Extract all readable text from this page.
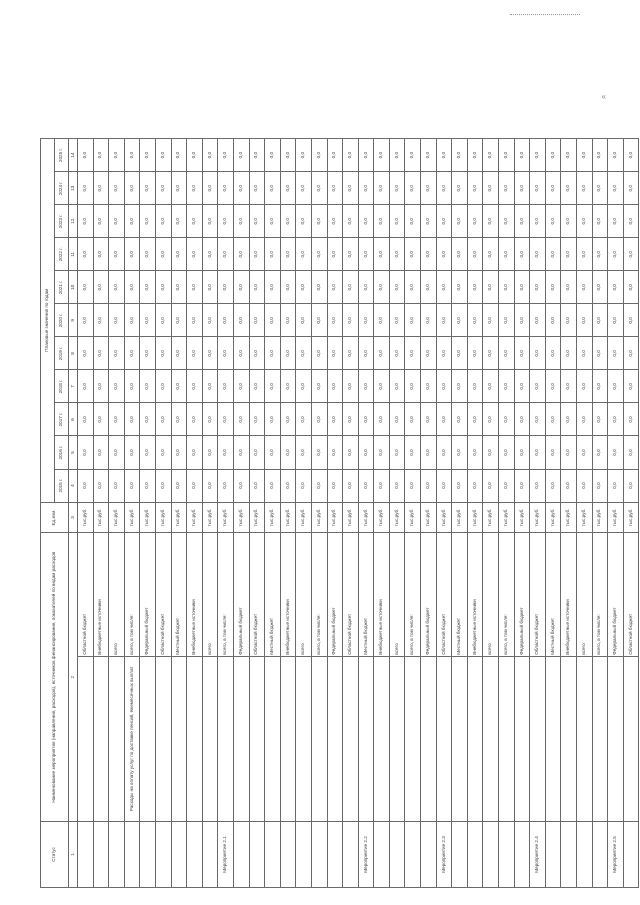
«
Статус	Наименование мероприятия (направления, расходов), источников финансирования, показателей по видам расходов		Ед.изм.	Плановые значения по годам										
				2015 г.	2016 г.	2017 г.	2018 г.	2019 г.	2020 г.	2021 г.	2022 г.	2023 г.	2024 г.	2025 г.
1	2		3	4	5	6	7	8	9	10	11	12	13	14
		Областной бюджет	тыс.руб.	0,0	0,0	0,0	0,0	0,0	0,0	0,0	0,0	0,0	0,0	0,0
		Внебюджетные источники	тыс.руб.	0,0	0,0	0,0	0,0	0,0	0,0	0,0	0,0	0,0	0,0	0,0
		всего	тыс.руб.	0,0	0,0	0,0	0,0	0,0	0,0	0,0	0,0	0,0	0,0	0,0
	Расходы на оплату услуг по доставке пенсий, ежемесячных выплат	всего, в том числе:	тыс.руб.	0,0	0,0	0,0	0,0	0,0	0,0	0,0	0,0	0,0	0,0	0,0
		Федеральный бюджет	тыс.руб.	0,0	0,0	0,0	0,0	0,0	0,0	0,0	0,0	0,0	0,0	0,0
		Областной бюджет	тыс.руб.	0,0	0,0	0,0	0,0	0,0	0,0	0,0	0,0	0,0	0,0	0,0
		Местный бюджет	тыс.руб.	0,0	0,0	0,0	0,0	0,0	0,0	0,0	0,0	0,0	0,0	0,0
		Внебюджетные источники	тыс.руб.	0,0	0,0	0,0	0,0	0,0	0,0	0,0	0,0	0,0	0,0	0,0
		всего	тыс.руб.	0,0	0,0	0,0	0,0	0,0	0,0	0,0	0,0	0,0	0,0	0,0
Мероприятие 2.1		всего, в том числе:	тыс.руб.	0,0	0,0	0,0	0,0	0,0	0,0	0,0	0,0	0,0	0,0	0,0
		Федеральный бюджет	тыс.руб.	0,0	0,0	0,0	0,0	0,0	0,0	0,0	0,0	0,0	0,0	0,0
		Областной бюджет	тыс.руб.	0,0	0,0	0,0	0,0	0,0	0,0	0,0	0,0	0,0	0,0	0,0
		Местный бюджет	тыс.руб.	0,0	0,0	0,0	0,0	0,0	0,0	0,0	0,0	0,0	0,0	0,0
		Внебюджетные источники	тыс.руб.	0,0	0,0	0,0	0,0	0,0	0,0	0,0	0,0	0,0	0,0	0,0
		всего	тыс.руб.	0,0	0,0	0,0	0,0	0,0	0,0	0,0	0,0	0,0	0,0	0,0
		всего, в том числе:	тыс.руб.	0,0	0,0	0,0	0,0	0,0	0,0	0,0	0,0	0,0	0,0	0,0
		Федеральный бюджет	тыс.руб.	0,0	0,0	0,0	0,0	0,0	0,0	0,0	0,0	0,0	0,0	0,0
		Областной бюджет	тыс.руб.	0,0	0,0	0,0	0,0	0,0	0,0	0,0	0,0	0,0	0,0	0,0
Мероприятие 2.2		Местный бюджет	тыс.руб.	0,0	0,0	0,0	0,0	0,0	0,0	0,0	0,0	0,0	0,0	0,0
		Внебюджетные источники	тыс.руб.	0,0	0,0	0,0	0,0	0,0	0,0	0,0	0,0	0,0	0,0	0,0
		всего	тыс.руб.	0,0	0,0	0,0	0,0	0,0	0,0	0,0	0,0	0,0	0,0	0,0
		всего, в том числе:	тыс.руб.	0,0	0,0	0,0	0,0	0,0	0,0	0,0	0,0	0,0	0,0	0,0
		Федеральный бюджет	тыс.руб.	0,0	0,0	0,0	0,0	0,0	0,0	0,0	0,0	0,0	0,0	0,0
Мероприятие 2.3		Областной бюджет	тыс.руб.	0,0	0,0	0,0	0,0	0,0	0,0	0,0	0,0	0,0	0,0	0,0
		Местный бюджет	тыс.руб.	0,0	0,0	0,0	0,0	0,0	0,0	0,0	0,0	0,0	0,0	0,0
		Внебюджетные источники	тыс.руб.	0,0	0,0	0,0	0,0	0,0	0,0	0,0	0,0	0,0	0,0	0,0
		всего	тыс.руб.	0,0	0,0	0,0	0,0	0,0	0,0	0,0	0,0	0,0	0,0	0,0
		всего, в том числе:	тыс.руб.	0,0	0,0	0,0	0,0	0,0	0,0	0,0	0,0	0,0	0,0	0,0
		Федеральный бюджет	тыс.руб.	0,0	0,0	0,0	0,0	0,0	0,0	0,0	0,0	0,0	0,0	0,0
Мероприятие 2.4		Областной бюджет	тыс.руб.	0,0	0,0	0,0	0,0	0,0	0,0	0,0	0,0	0,0	0,0	0,0
		Местный бюджет	тыс.руб.	0,0	0,0	0,0	0,0	0,0	0,0	0,0	0,0	0,0	0,0	0,0
		Внебюджетные источники	тыс.руб.	0,0	0,0	0,0	0,0	0,0	0,0	0,0	0,0	0,0	0,0	0,0
		всего	тыс.руб.	0,0	0,0	0,0	0,0	0,0	0,0	0,0	0,0	0,0	0,0	0,0
		всего, в том числе:	тыс.руб.	0,0	0,0	0,0	0,0	0,0	0,0	0,0	0,0	0,0	0,0	0,0
Мероприятие 2.5		Федеральный бюджет	тыс.руб.	0,0	0,0	0,0	0,0	0,0	0,0	0,0	0,0	0,0	0,0	0,0
		Областной бюджет	тыс.руб.	0,0	0,0	0,0	0,0	0,0	0,0	0,0	0,0	0,0	0,0	0,0
